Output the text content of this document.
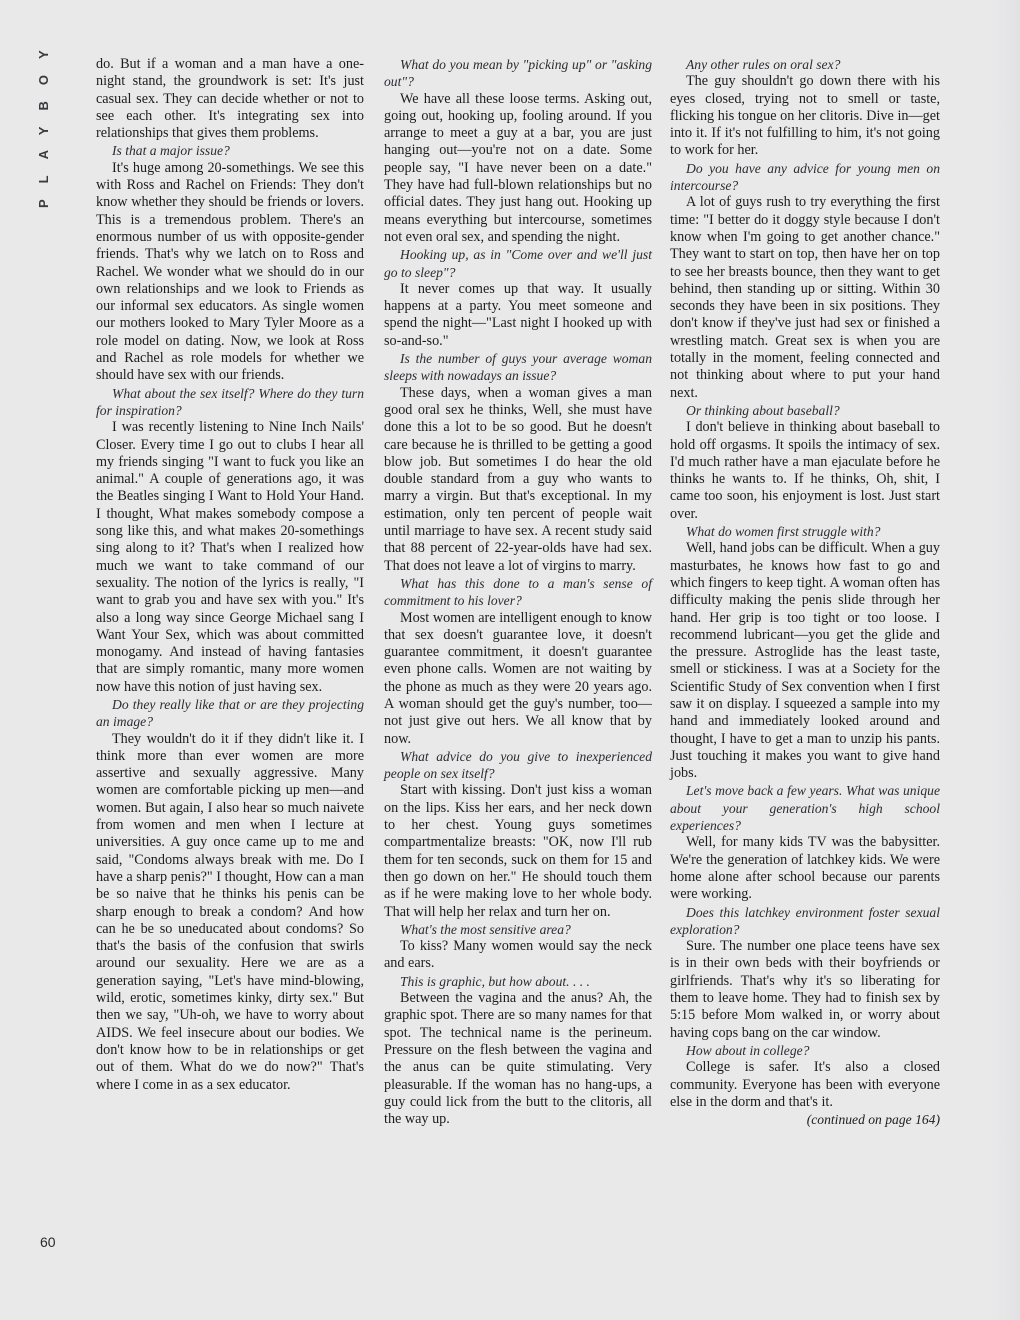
PLAYBOY
60

do. But if a woman and a man have a one-night stand, the groundwork is set: It's just casual sex. They can decide whether or not to see each other. It's integrating sex into relationships that gives them problems.

Is that a major issue?

It's huge among 20-somethings. We see this with Ross and Rachel on Friends: They don't know whether they should be friends or lovers. This is a tremendous problem. There's an enormous number of us with opposite-gender friends. That's why we latch on to Ross and Rachel. We wonder what we should do in our own relationships and we look to Friends as our informal sex educators. As single women our mothers looked to Mary Tyler Moore as a role model on dating. Now, we look at Ross and Rachel as role models for whether we should have sex with our friends.

What about the sex itself? Where do they turn for inspiration?

I was recently listening to Nine Inch Nails' Closer. Every time I go out to clubs I hear all my friends singing "I want to fuck you like an animal." A couple of generations ago, it was the Beatles singing I Want to Hold Your Hand. I thought, What makes somebody compose a song like this, and what makes 20-somethings sing along to it? That's when I realized how much we want to take command of our sexuality. The notion of the lyrics is really, "I want to grab you and have sex with you." It's also a long way since George Michael sang I Want Your Sex, which was about committed monogamy. And instead of having fantasies that are simply romantic, many more women now have this notion of just having sex.

Do they really like that or are they projecting an image?

They wouldn't do it if they didn't like it. I think more than ever women are more assertive and sexually aggressive. Many women are comfortable picking up men—and women. But again, I also hear so much naivete from women and men when I lecture at universities. A guy once came up to me and said, "Condoms always break with me. Do I have a sharp penis?" I thought, How can a man be so naive that he thinks his penis can be sharp enough to break a condom? And how can he be so uneducated about condoms? So that's the basis of the confusion that swirls around our sexuality. Here we are as a generation saying, "Let's have mind-blowing, wild, erotic, sometimes kinky, dirty sex." But then we say, "Uh-oh, we have to worry about AIDS. We feel insecure about our bodies. We don't know how to be in relationships or get out of them. What do we do now?" That's where I come in as a sex educator.

What do you mean by "picking up" or "asking out"?

We have all these loose terms. Asking out, going out, hooking up, fooling around. If you arrange to meet a guy at a bar, you are just hanging out—you're not on a date. Some people say, "I have never been on a date." They have had full-blown relationships but no official dates. They just hang out. Hooking up means everything but intercourse, sometimes not even oral sex, and spending the night.

Hooking up, as in "Come over and we'll just go to sleep"?

It never comes up that way. It usually happens at a party. You meet someone and spend the night—"Last night I hooked up with so-and-so."

Is the number of guys your average woman sleeps with nowadays an issue?

These days, when a woman gives a man good oral sex he thinks, Well, she must have done this a lot to be so good. But he doesn't care because he is thrilled to be getting a good blow job. But sometimes I do hear the old double standard from a guy who wants to marry a virgin. But that's exceptional. In my estimation, only ten percent of people wait until marriage to have sex. A recent study said that 88 percent of 22-year-olds have had sex. That does not leave a lot of virgins to marry.

What has this done to a man's sense of commitment to his lover?

Most women are intelligent enough to know that sex doesn't guarantee love, it doesn't guarantee commitment, it doesn't guarantee even phone calls. Women are not waiting by the phone as much as they were 20 years ago. A woman should get the guy's number, too—not just give out hers. We all know that by now.

What advice do you give to inexperienced people on sex itself?

Start with kissing. Don't just kiss a woman on the lips. Kiss her ears, and her neck down to her chest. Young guys sometimes compartmentalize breasts: "OK, now I'll rub them for ten seconds, suck on them for 15 and then go down on her." He should touch them as if he were making love to her whole body. That will help her relax and turn her on.

What's the most sensitive area?

To kiss? Many women would say the neck and ears.

This is graphic, but how about. . . .

Between the vagina and the anus? Ah, the graphic spot. There are so many names for that spot. The technical name is the perineum. Pressure on the flesh between the vagina and the anus can be quite stimulating. Very pleasurable. If the woman has no hang-ups, a guy could lick from the butt to the clitoris, all the way up.

Any other rules on oral sex?

The guy shouldn't go down there with his eyes closed, trying not to smell or taste, flicking his tongue on her clitoris. Dive in—get into it. If it's not fulfilling to him, it's not going to work for her.

Do you have any advice for young men on intercourse?

A lot of guys rush to try everything the first time: "I better do it doggy style because I don't know when I'm going to get another chance." They want to start on top, then have her on top to see her breasts bounce, then they want to get behind, then standing up or sitting. Within 30 seconds they have been in six positions. They don't know if they've just had sex or finished a wrestling match. Great sex is when you are totally in the moment, feeling connected and not thinking about where to put your hand next.

Or thinking about baseball?

I don't believe in thinking about baseball to hold off orgasms. It spoils the intimacy of sex. I'd much rather have a man ejaculate before he thinks he wants to. If he thinks, Oh, shit, I came too soon, his enjoyment is lost. Just start over.

What do women first struggle with?

Well, hand jobs can be difficult. When a guy masturbates, he knows how fast to go and which fingers to keep tight. A woman often has difficulty making the penis slide through her hand. Her grip is too tight or too loose. I recommend lubricant—you get the glide and the pressure. Astroglide has the least taste, smell or stickiness. I was at a Society for the Scientific Study of Sex convention when I first saw it on display. I squeezed a sample into my hand and immediately looked around and thought, I have to get a man to unzip his pants. Just touching it makes you want to give hand jobs.

Let's move back a few years. What was unique about your generation's high school experiences?

Well, for many kids TV was the babysitter. We're the generation of latchkey kids. We were home alone after school because our parents were working.

Does this latchkey environment foster sexual exploration?

Sure. The number one place teens have sex is in their own beds with their boyfriends or girlfriends. That's why it's so liberating for them to leave home. They had to finish sex by 5:15 before Mom walked in, or worry about having cops bang on the car window.

How about in college?

College is safer. It's also a closed community. Everyone has been with everyone else in the dorm and that's it.

(continued on page 164)
